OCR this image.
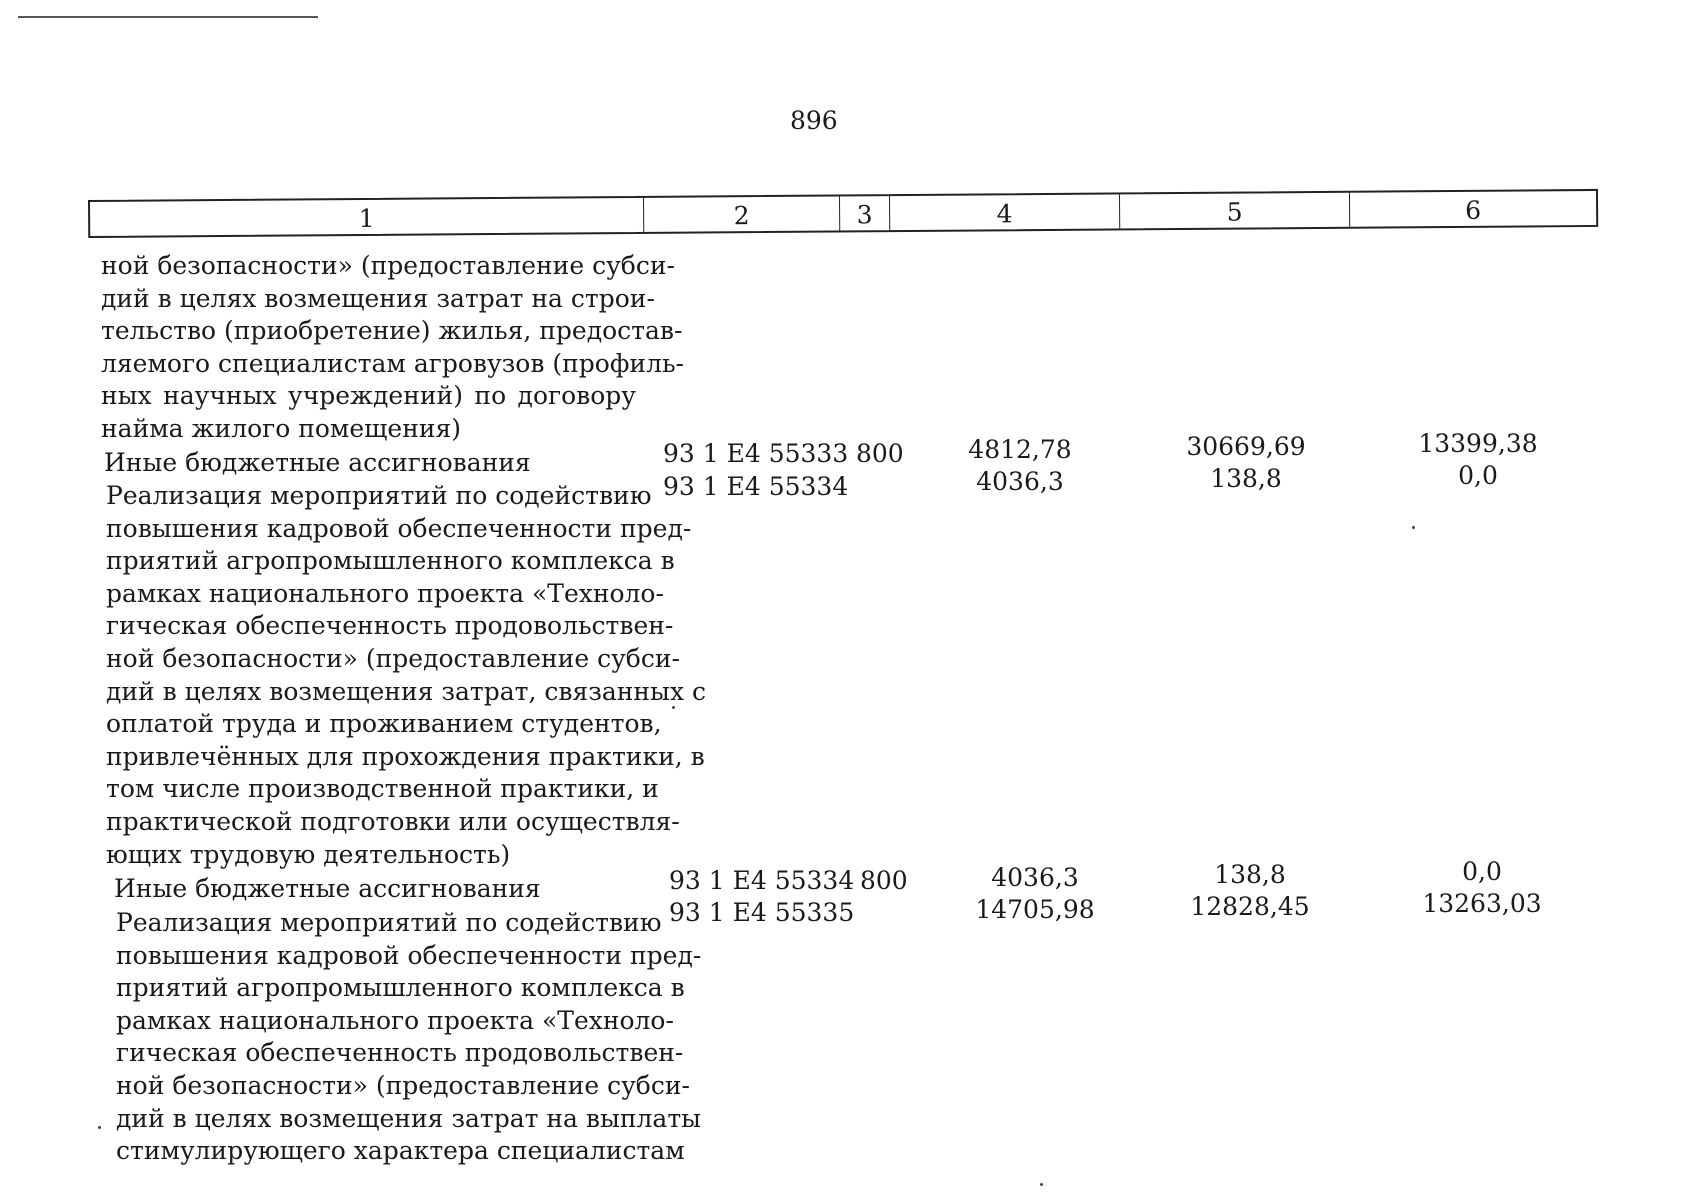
896
1	2	3	4	5	6
ной безопасности» (предоставление субси-
дий в целях возмещения затрат на строи-
тельство (приобретение) жилья, предостав-
ляемого специалистам агровузов (профиль-
ных научных учреждений) по договору
найма жилого помещения)
Иные бюджетные ассигнования	93 1 E4 55333 800	4812,78	30669,69	13399,38
Реализация мероприятий по содействию
повышения кадровой обеспеченности пред-
приятий агропромышленного комплекса в
рамках национального проекта «Техноло-
гическая обеспеченность продовольствен-
ной безопасности» (предоставление субси-
дий в целях возмещения затрат, связанных с
оплатой труда и проживанием студентов,
привлечённых для прохождения практики, в
том числе производственной практики, и
практической подготовки или осуществля-
ющих трудовую деятельность)
93 1 E4 55334	4036,3	138,8	0,0
Иные бюджетные ассигнования	93 1 E4 55334 800	4036,3	138,8	0,0
Реализация мероприятий по содействию
повышения кадровой обеспеченности пред-
приятий агропромышленного комплекса в
рамках национального проекта «Техноло-
гическая обеспеченность продовольствен-
ной безопасности» (предоставление субси-
дий в целях возмещения затрат на выплаты
стимулирующего характера специалистам
93 1 E4 55335	14705,98	12828,45	13263,03
